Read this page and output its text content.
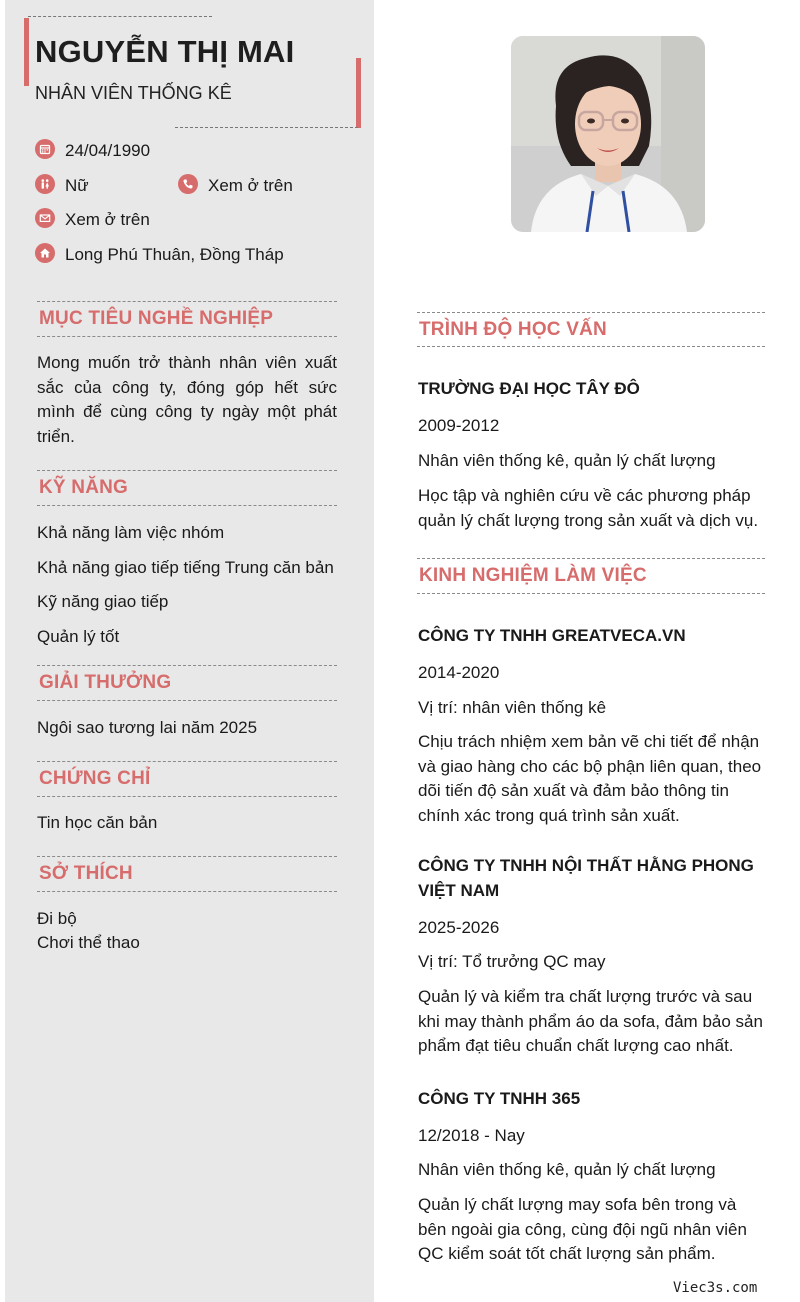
NGUYỄN THỊ MAI
NHÂN VIÊN THỐNG KÊ
24/04/1990
Nữ	Xem ở trên
Xem ở trên
Long Phú Thuân, Đồng Tháp
MỤC TIÊU NGHỀ NGHIỆP
Mong muốn trở thành nhân viên xuất sắc của công ty, đóng góp hết sức mình để cùng công ty ngày một phát triển.
KỸ NĂNG
Khả năng làm việc nhóm
Khả năng giao tiếp tiếng Trung căn bản
Kỹ năng giao tiếp
Quản lý tốt
GIẢI THƯỞNG
Ngôi sao tương lai năm 2025
CHỨNG CHỈ
Tin học căn bản
SỞ THÍCH
Đi bộ
Chơi thể thao
TRÌNH ĐỘ HỌC VẤN
TRƯỜNG ĐẠI HỌC TÂY ĐÔ
2009-2012
Nhân viên thống kê, quản lý chất lượng
Học tập và nghiên cứu về các phương pháp quản lý chất lượng trong sản xuất và dịch vụ.
KINH NGHIỆM LÀM VIỆC
CÔNG TY TNHH GREATVECA.VN
2014-2020
Vị trí: nhân viên thống kê
Chịu trách nhiệm xem bản vẽ chi tiết để nhận và giao hàng cho các bộ phận liên quan, theo dõi tiến độ sản xuất và đảm bảo thông tin chính xác trong quá trình sản xuất.
CÔNG TY TNHH NỘI THẤT HẰNG PHONG VIỆT NAM
2025-2026
Vị trí: Tổ trưởng QC may
Quản lý và kiểm tra chất lượng trước và sau khi may thành phẩm áo da sofa, đảm bảo sản phẩm đạt tiêu chuẩn chất lượng cao nhất.
CÔNG TY TNHH 365
12/2018 - Nay
Nhân viên thống kê, quản lý chất lượng
Quản lý chất lượng may sofa bên trong và bên ngoài gia công, cùng đội ngũ nhân viên QC kiểm soát tốt chất lượng sản phẩm.
Viec3s.com
